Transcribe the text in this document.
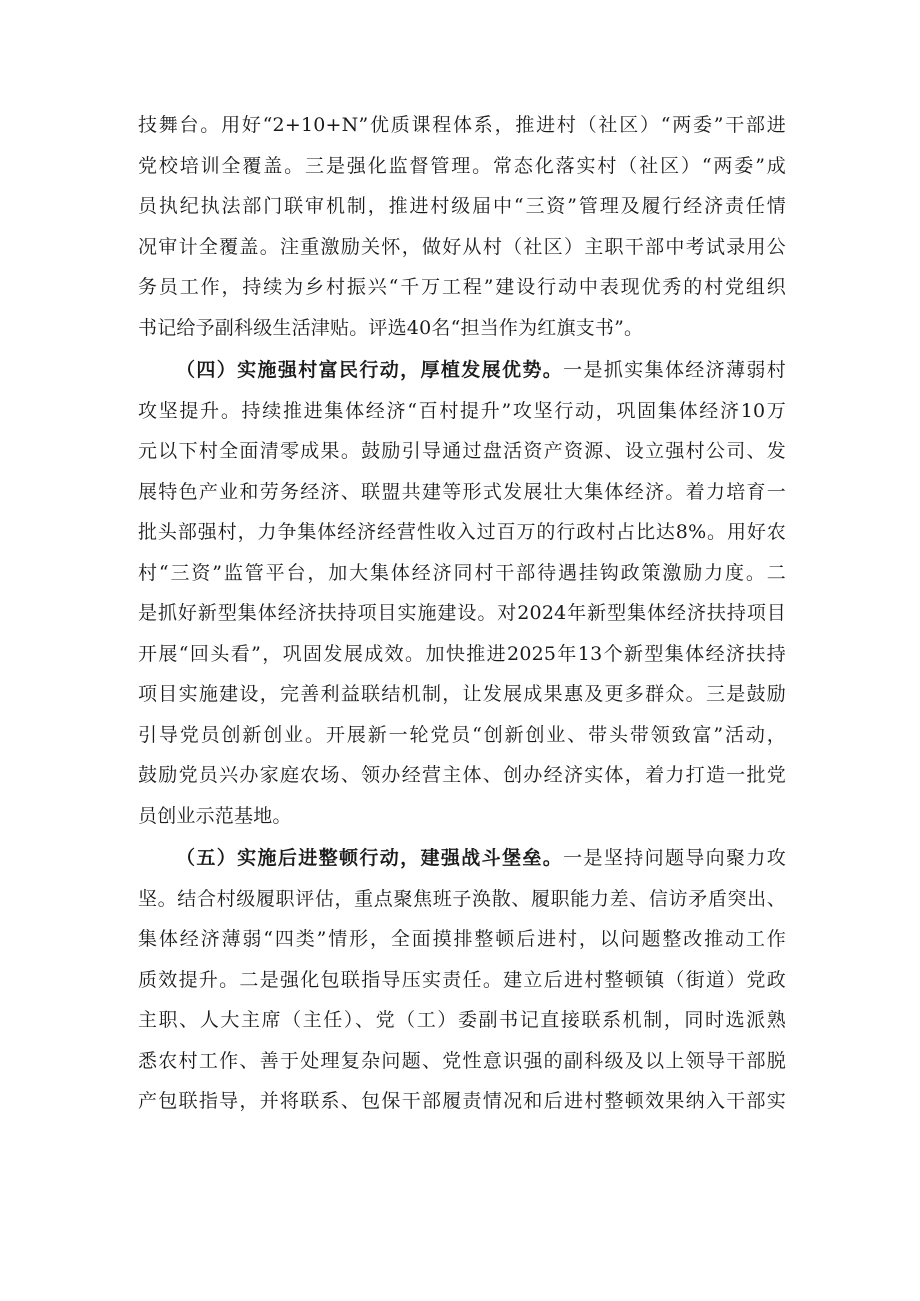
技舞台。用好“2+10+N”优质课程体系，推进村（社区）“两委”干部进
党校培训全覆盖。三是强化监督管理。常态化落实村（社区）“两委”成
员执纪执法部门联审机制，推进村级届中“三资”管理及履行经济责任情
况审计全覆盖。注重激励关怀，做好从村（社区）主职干部中考试录用公
务员工作，持续为乡村振兴“千万工程”建设行动中表现优秀的村党组织
书记给予副科级生活津贴。评选40名“担当作为红旗支书”。
（四）实施强村富民行动，厚植发展优势。一是抓实集体经济薄弱村
攻坚提升。持续推进集体经济“百村提升”攻坚行动，巩固集体经济10万
元以下村全面清零成果。鼓励引导通过盘活资产资源、设立强村公司、发
展特色产业和劳务经济、联盟共建等形式发展壮大集体经济。着力培育一
批头部强村，力争集体经济经营性收入过百万的行政村占比达8%。用好农
村“三资”监管平台，加大集体经济同村干部待遇挂钩政策激励力度。二
是抓好新型集体经济扶持项目实施建设。对2024年新型集体经济扶持项目
开展“回头看”，巩固发展成效。加快推进2025年13个新型集体经济扶持
项目实施建设，完善利益联结机制，让发展成果惠及更多群众。三是鼓励
引导党员创新创业。开展新一轮党员“创新创业、带头带领致富”活动，
鼓励党员兴办家庭农场、领办经营主体、创办经济实体，着力打造一批党
员创业示范基地。
（五）实施后进整顿行动，建强战斗堡垒。一是坚持问题导向聚力攻
坚。结合村级履职评估，重点聚焦班子涣散、履职能力差、信访矛盾突出、
集体经济薄弱“四类”情形，全面摸排整顿后进村，以问题整改推动工作
质效提升。二是强化包联指导压实责任。建立后进村整顿镇（街道）党政
主职、人大主席（主任）、党（工）委副书记直接联系机制，同时选派熟
悉农村工作、善于处理复杂问题、党性意识强的副科级及以上领导干部脱
产包联指导，并将联系、包保干部履责情况和后进村整顿效果纳入干部实
